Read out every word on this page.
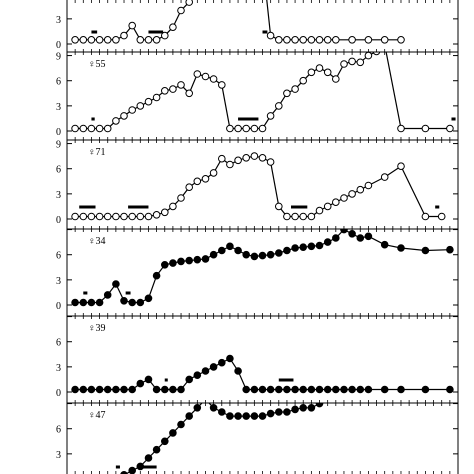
0
3
0
3
6
9
♀55
0
3
6
9
♀71
0
3
6
♀34
0
3
6
♀39
3
6
♀47
